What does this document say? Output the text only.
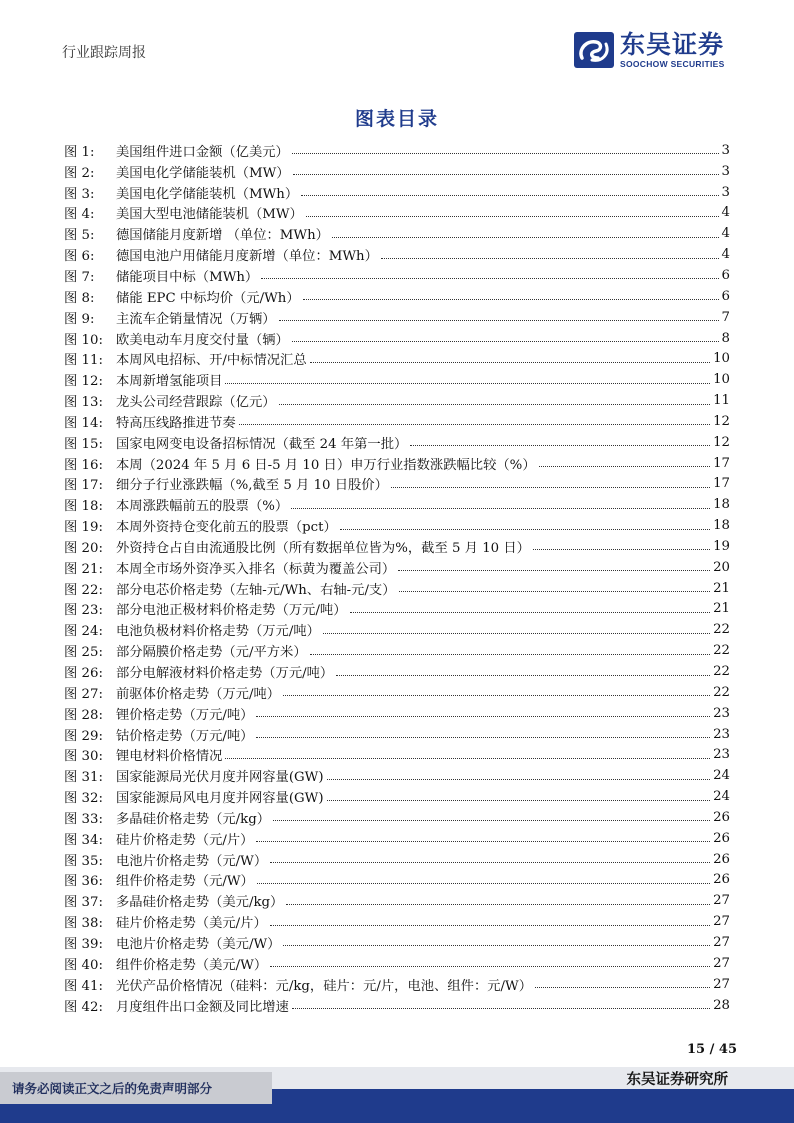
行业跟踪周报	东吴证券
SOOCHOW SECURITIES
图表目录
图 1:	美国组件进口金额（亿美元）	3
图 2:	美国电化学储能装机（MW）	3
图 3:	美国电化学储能装机（MWh）	3
图 4:	美国大型电池储能装机（MW）	4
图 5:	德国储能月度新增 （单位：MWh）	4
图 6:	德国电池户用储能月度新增（单位：MWh）	4
图 7:	储能项目中标（MWh）	6
图 8:	储能 EPC 中标均价（元/Wh）	6
图 9:	主流车企销量情况（万辆）	7
图 10: 欧美电动车月度交付量（辆）	8
图 11: 本周风电招标、开/中标情况汇总	10
图 12: 本周新增氢能项目	10
图 13: 龙头公司经营跟踪（亿元）	11
图 14: 特高压线路推进节奏	12
图 15: 国家电网变电设备招标情况（截至 24 年第一批）	12
图 16: 本周（2024 年 5 月 6 日-5 月 10 日）申万行业指数涨跌幅比较（%）	17
图 17: 细分子行业涨跌幅（%,截至 5 月 10 日股价）	17
图 18: 本周涨跌幅前五的股票（%）	18
图 19: 本周外资持仓变化前五的股票（pct）	18
图 20: 外资持仓占自由流通股比例（所有数据单位皆为%，截至 5 月 10 日）	19
图 21: 本周全市场外资净买入排名（标黄为覆盖公司）	20
图 22: 部分电芯价格走势（左轴-元/Wh、右轴-元/支）	21
图 23: 部分电池正极材料价格走势（万元/吨）	21
图 24: 电池负极材料价格走势（万元/吨）	22
图 25: 部分隔膜价格走势（元/平方米）	22
图 26: 部分电解液材料价格走势（万元/吨）	22
图 27: 前驱体价格走势（万元/吨）	22
图 28: 锂价格走势（万元/吨）	23
图 29: 钴价格走势（万元/吨）	23
图 30: 锂电材料价格情况	23
图 31: 国家能源局光伏月度并网容量(GW)	24
图 32: 国家能源局风电月度并网容量(GW)	24
图 33: 多晶硅价格走势（元/kg）	26
图 34: 硅片价格走势（元/片）	26
图 35: 电池片价格走势（元/W）	26
图 36: 组件价格走势（元/W）	26
图 37: 多晶硅价格走势（美元/kg）	27
图 38: 硅片价格走势（美元/片）	27
图 39: 电池片价格走势（美元/W）	27
图 40: 组件价格走势（美元/W）	27
图 41: 光伏产品价格情况（硅料：元/kg，硅片：元/片，电池、组件：元/W）	27
图 42: 月度组件出口金额及同比增速	28
15 / 45
请务必阅读正文之后的免责声明部分
东吴证券研究所
